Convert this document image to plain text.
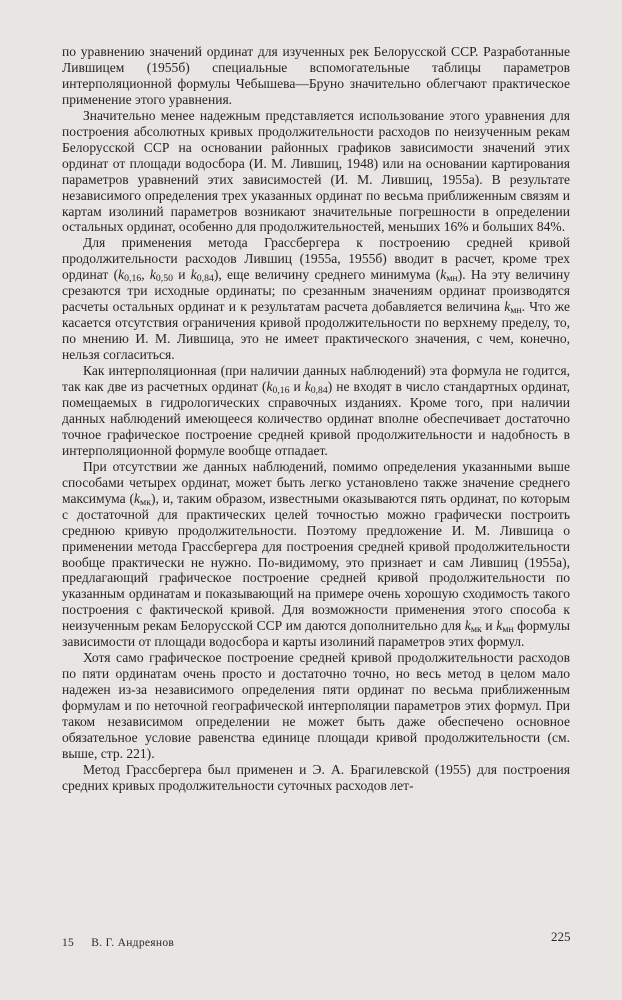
по уравнению значений ординат для изученных рек Белорусской ССР. Разработанные Лившицем (1955б) специальные вспомогательные таблицы параметров интерполяционной формулы Чебышева—Бруно значительно облегчают практическое применение этого уравнения.

Значительно менее надежным представляется использование этого уравнения для построения абсолютных кривых продолжительности расходов по неизученным рекам Белорусской ССР на основании районных графиков зависимости значений этих ординат от площади водосбора (И. М. Лившиц, 1948) или на основании картирования параметров уравнений этих зависимостей (И. М. Лившиц, 1955а). В результате независимого определения трех указанных ординат по весьма приближенным связям и картам изолиний параметров возникают значительные погрешности в определении остальных ординат, особенно для продолжительностей, меньших 16% и больших 84%.

Для применения метода Грассбергера к построению средней кривой продолжительности расходов Лившиц (1955а, 1955б) вводит в расчет, кроме трех ординат ($k_{0,16}$, $k_{0,50}$ и $k_{0,84}$), еще величину среднего минимума $(k_{мн})$. На эту величину срезаются три исходные ординаты; по срезанным значениям ординат производятся расчеты остальных ординат и к результатам расчета добавляется величина $k_{мн}$. Что же касается отсутствия ограничения кривой продолжительности по верхнему пределу, то, по мнению И. М. Лившица, это не имеет практического значения, с чем, конечно, нельзя согласиться.

Как интерполяционная (при наличии данных наблюдений) эта формула не годится, так как две из расчетных ординат ($k_{0,16}$ и $k_{0,84}$) не входят в число стандартных ординат, помещаемых в гидрологических справочных изданиях. Кроме того, при наличии данных наблюдений имеющееся количество ординат вполне обеспечивает достаточно точное графическое построение средней кривой продолжительности и надобность в интерполяционной формуле вообще отпадает.

При отсутствии же данных наблюдений, помимо определения указанными выше способами четырех ординат, может быть легко установлено также значение среднего максимума $(k_{мк})$, и, таким образом, известными оказываются пять ординат, по которым с достаточной для практических целей точностью можно графически построить среднюю кривую продолжительности. Поэтому предложение И. М. Лившица о применении метода Грассбергера для построения средней кривой продолжительности вообще практически не нужно. По-видимому, это признает и сам Лившиц (1955а), предлагающий графическое построение средней кривой продолжительности по указанным ординатам и показывающий на примере очень хорошую сходимость такого построения с фактической кривой. Для возможности применения этого способа к неизученным рекам Белорусской ССР им даются дополнительно для $k_{мк}$ и $k_{мн}$ формулы зависимости от площади водосбора и карты изолиний параметров этих формул.

Хотя само графическое построение средней кривой продолжительности расходов по пяти ординатам очень просто и достаточно точно, но весь метод в целом мало надежен из-за независимого определения пяти ординат по весьма приближенным формулам и по неточной географической интерполяции параметров этих формул. При таком независимом определении не может быть даже обеспечено основное обязательное условие равенства единице площади кривой продолжительности (см. выше, стр. 221).

Метод Грассбергера был применен и Э. А. Брагилевской (1955) для построения средних кривых продолжительности суточных расходов лет-

15 В. Г. Андреянов	225
